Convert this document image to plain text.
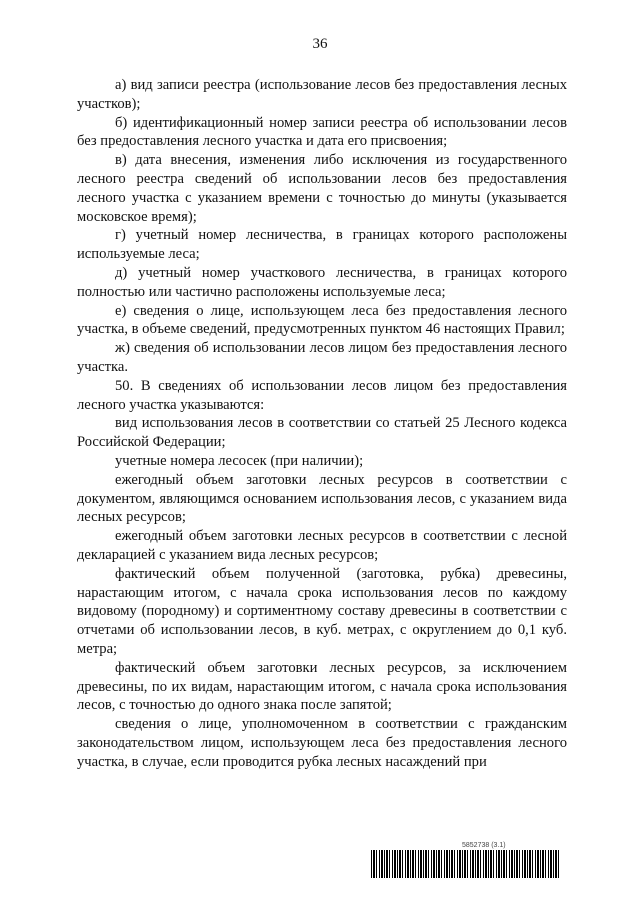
36

а) вид записи реестра (использование лесов без предоставления лесных участков);

б) идентификационный номер записи реестра об использовании лесов без предоставления лесного участка и дата его присвоения;

в) дата внесения, изменения либо исключения из государственного лесного реестра сведений об использовании лесов без предоставления лесного участка с указанием времени с точностью до минуты (указывается московское время);

г) учетный номер лесничества, в границах которого расположены используемые леса;

д) учетный номер участкового лесничества, в границах которого полностью или частично расположены используемые леса;

е) сведения о лице, использующем леса без предоставления лесного участка, в объеме сведений, предусмотренных пунктом 46 настоящих Правил;

ж) сведения об использовании лесов лицом без предоставления лесного участка.

50. В сведениях об использовании лесов лицом без предоставления лесного участка указываются:

вид использования лесов в соответствии со статьей 25 Лесного кодекса Российской Федерации;

учетные номера лесосек (при наличии);

ежегодный объем заготовки лесных ресурсов в соответствии с документом, являющимся основанием использования лесов, с указанием вида лесных ресурсов;

ежегодный объем заготовки лесных ресурсов в соответствии с лесной декларацией с указанием вида лесных ресурсов;

фактический объем полученной (заготовка, рубка) древесины, нарастающим итогом, с начала срока использования лесов по каждому видовому (породному) и сортиментному составу древесины в соответствии с отчетами об использовании лесов, в куб. метрах, с округлением до 0,1 куб. метра;

фактический объем заготовки лесных ресурсов, за исключением древесины, по их видам, нарастающим итогом, с начала срока использования лесов, с точностью до одного знака после запятой;

сведения о лице, уполномоченном в соответствии с гражданским законодательством лицом, использующем леса без предоставления лесного участка, в случае, если проводится рубка лесных насаждений при

5852738 (3.1)
